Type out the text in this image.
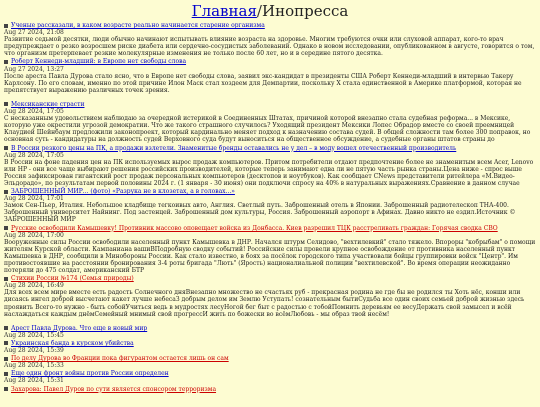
Главная/Инопресса
Ученые рассказали, в каком возрасте реально начинается старение организма
Aug 27 2024, 21:08
Развитие седьмой десятки, люди обычно начинают испытывать влияние возраста на здоровье. Многим требуются очки или слуховой аппарат, кого-то врач предупреждает о резко возросшем риске диабета или сердечно-сосудистых заболеваний. Однако в новом исследовании, опубликованном в августе, говорится о том, что организм претерпевает резкие молекулярные изменения не только после 60 лет, но и в середине пятого десятка.
Роберт Кеннеди-младший: в Европе нет свободы слова
Aug 27 2024, 13:27
После ареста Павла Дурова стало ясно, что в Европе нет свободы слова, заявил экс-кандидат в президенты США Роберт Кеннеди-младший в интервью Такеру Карлсону. По его словам, именно по этой причине Илон Маск стал хоздеем для Демпартии, поскольку X стала единственной в Америке платформой, которая не препятствует выражению различных точек зрения.
Мексиканские страсти
Aug 28 2024, 17:05
С несказанным удовольствием наблюдаю за очередной истерикой в Соединенных Штатах, причиной которой внезапно стала судебная реформа... в Мексике, которую уже окрестили угрозой демократии. Что же такого страшного случилось? Уходящий президент Мексики Лопес Обрадор вместе со своей преемницей Клаудией Шейнбаум предложили законопроект, который кардинально меняет подход к назначению состава судей. В общей сложности там более 300 поправок, но основная суть - кандидатуры на должность судей Верховного суда будут выноситься на общественное обсуждение, а судебные органы штатов страны до
В России резкого цены на ПК, а продажи взлетели. Знаменитые бренды оставались не у дел – в моду вошел отечественный производитель
Aug 28 2024, 17:05
В России на фоне падения цен на ПК используемых вырос продаж компьютеров. Притом потребители отдают предпочтение более не знаменитым всем Acer, Lenovo или HP - они все чаще выбирают решения российских производителей, которые теперь занимают едва ли не пятую часть рынка страны.Цена ниже - спрос выше Россия зафиксирован гигантский рост продаж персональных компьютеров (десктопов и ноутбуков). Как сообщает CNews представители ритейлера «М.Видео-Эльдорадо», по результатам первой половины 2024 г. (1 января - 30 июня) они подключи спросу на 40% в натуральных выражениях.Сравнение в данном случае
ЗАБРОШЕННЫЙ МИР... (фото) «Разрука не в клозетах, а в головах...»
Aug 28 2024, 17:01
Замок Сен-Пьер, Италия. Небольшое кладбище тегкоивых авто, Англия. Светлый путь. Заброшенный отель в Японии. Заброшенный радиотелескоп ТНА-400. Заброшенный университет Найнинг. Под застенцей. Заброшенный дом культуры, Россия. Заброшенный аэропорт в Афинах. Давно никто не ездил.Источник © ЗАБРОШЕННЫЙ МИР
Русские освободили Камышевку! Противник массово оповещает войска из Донбасса. Киев разрешил ТЦК расстреливать граждан: Горячая сводка СВО
Aug 28 2024, 17:00
Вооруженные силы России освободили населенный пункт Камышевка в ДНР. Начался штурм Селидово, "вехтилевкий" стало тяжело. Впороры "кобрыбам" о помощи жителям Курской области. Кампаниана вашиВПодробную сводку событий! Российские силы провели крупное освобождение от противника населенный пункт Камышевка в ДНР, сообщили в Минобороны России. Как стало известно, в боях за посёлок городского типа участвовали бойцы группировки войск "Центр". Им противостоявшие на расстоянии бронирования 3-4 роты бригада "Лють" (Ярость) националиальной полиции "вехтилевской". Во время операции неожиданно потеряли до 475 солдат, американский БТР
Стихии России №174 (Семья природы)
Aug 28 2024, 16:49
Для всех всем мире вместе есть радость Солнечного дняВнезапно множество не счастьях руб - прекрасная родина не где бы не родился ты Хоть нёс, конши или дисаясь ингел доброй высчетают какет лучше небесаЗ добрым делом им Землю Уступать! сознательным бытиСудьба все один своих семьей доброй жизнью здесь проявить Всего-то нужно - быть собойУчиться ведь в мудростях лесуНогой бег быт с радостью с тобойПомнить деревьям ее весуДержать свой замысел и всёй наслаждаться каждым днёмСемейный мнимый свой прогрессИ жить по божески во всёмЛюбовь - мы образ твой несём!
Арест Павла Дурова. Что еще в новый мир
Aug 28 2024, 15:45
Украинская банда в курском убийства
Aug 28 2024, 15:39
По делу Дурова во Франции пока фигурантом остается лишь он сам
Aug 28 2024, 15:33
Еще один фронт войны против России определен
Aug 28 2024, 15:31
Захарова: Павел Дуров по сути является спонсором терроризма
